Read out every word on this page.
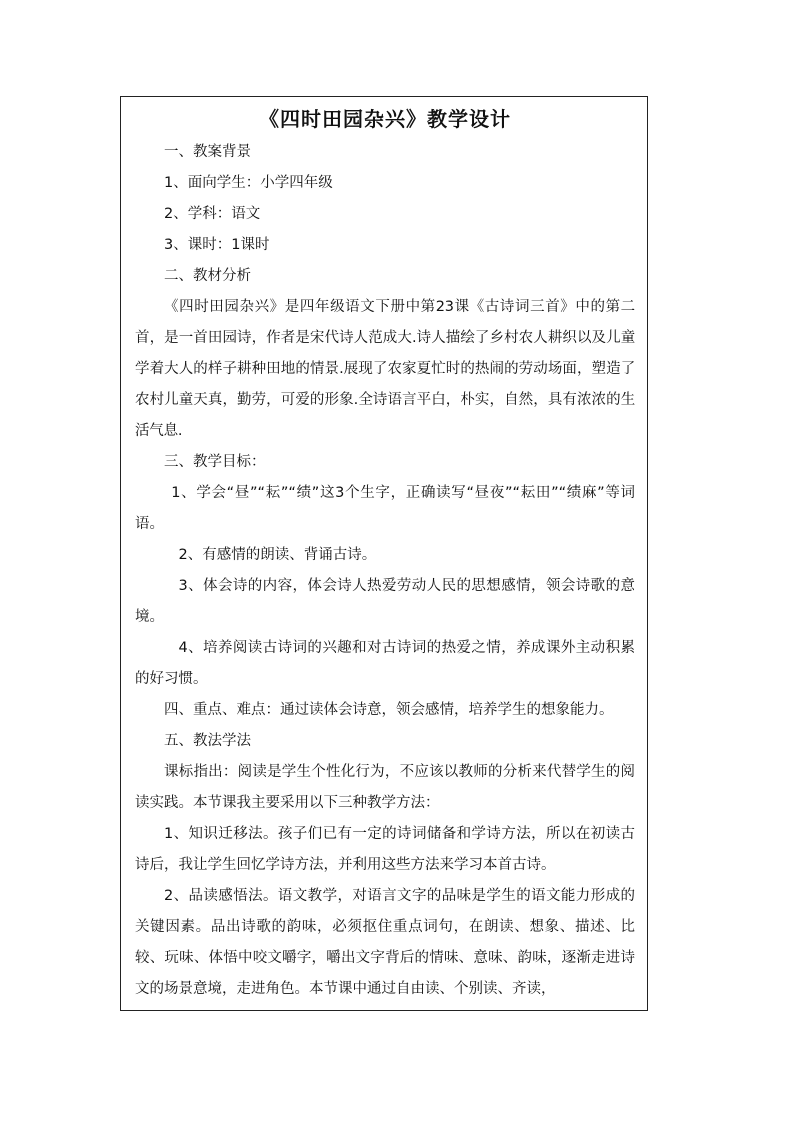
《四时田园杂兴》教学设计

一、教案背景

1、面向学生：小学四年级

2、学科：语文

3、课时：1课时

二、教材分析

《四时田园杂兴》是四年级语文下册中第23课《古诗词三首》中的第二首，是一首田园诗，作者是宋代诗人范成大.诗人描绘了乡村农人耕织以及儿童学着大人的样子耕种田地的情景.展现了农家夏忙时的热闹的劳动场面，塑造了农村儿童天真，勤劳，可爱的形象.全诗语言平白，朴实，自然，具有浓浓的生活气息.

三、教学目标：

1、学会“昼”“耘”“绩”这3个生字，正确读写“昼夜”“耘田”“绩麻”等词语。

2、有感情的朗读、背诵古诗。

3、体会诗的内容，体会诗人热爱劳动人民的思想感情，领会诗歌的意境。

4、培养阅读古诗词的兴趣和对古诗词的热爱之情，养成课外主动积累的好习惯。

四、重点、难点：通过读体会诗意，领会感情，培养学生的想象能力。

五、教法学法

课标指出：阅读是学生个性化行为，不应该以教师的分析来代替学生的阅读实践。本节课我主要采用以下三种教学方法：

1、知识迁移法。孩子们已有一定的诗词储备和学诗方法，所以在初读古诗后，我让学生回忆学诗方法，并利用这些方法来学习本首古诗。

2、品读感悟法。语文教学，对语言文字的品味是学生的语文能力形成的关键因素。品出诗歌的韵味，必须抠住重点词句，在朗读、想象、描述、比较、玩味、体悟中咬文嚼字，嚼出文字背后的情味、意味、韵味，逐渐走进诗文的场景意境，走进角色。本节课中通过自由读、个别读、齐读，
